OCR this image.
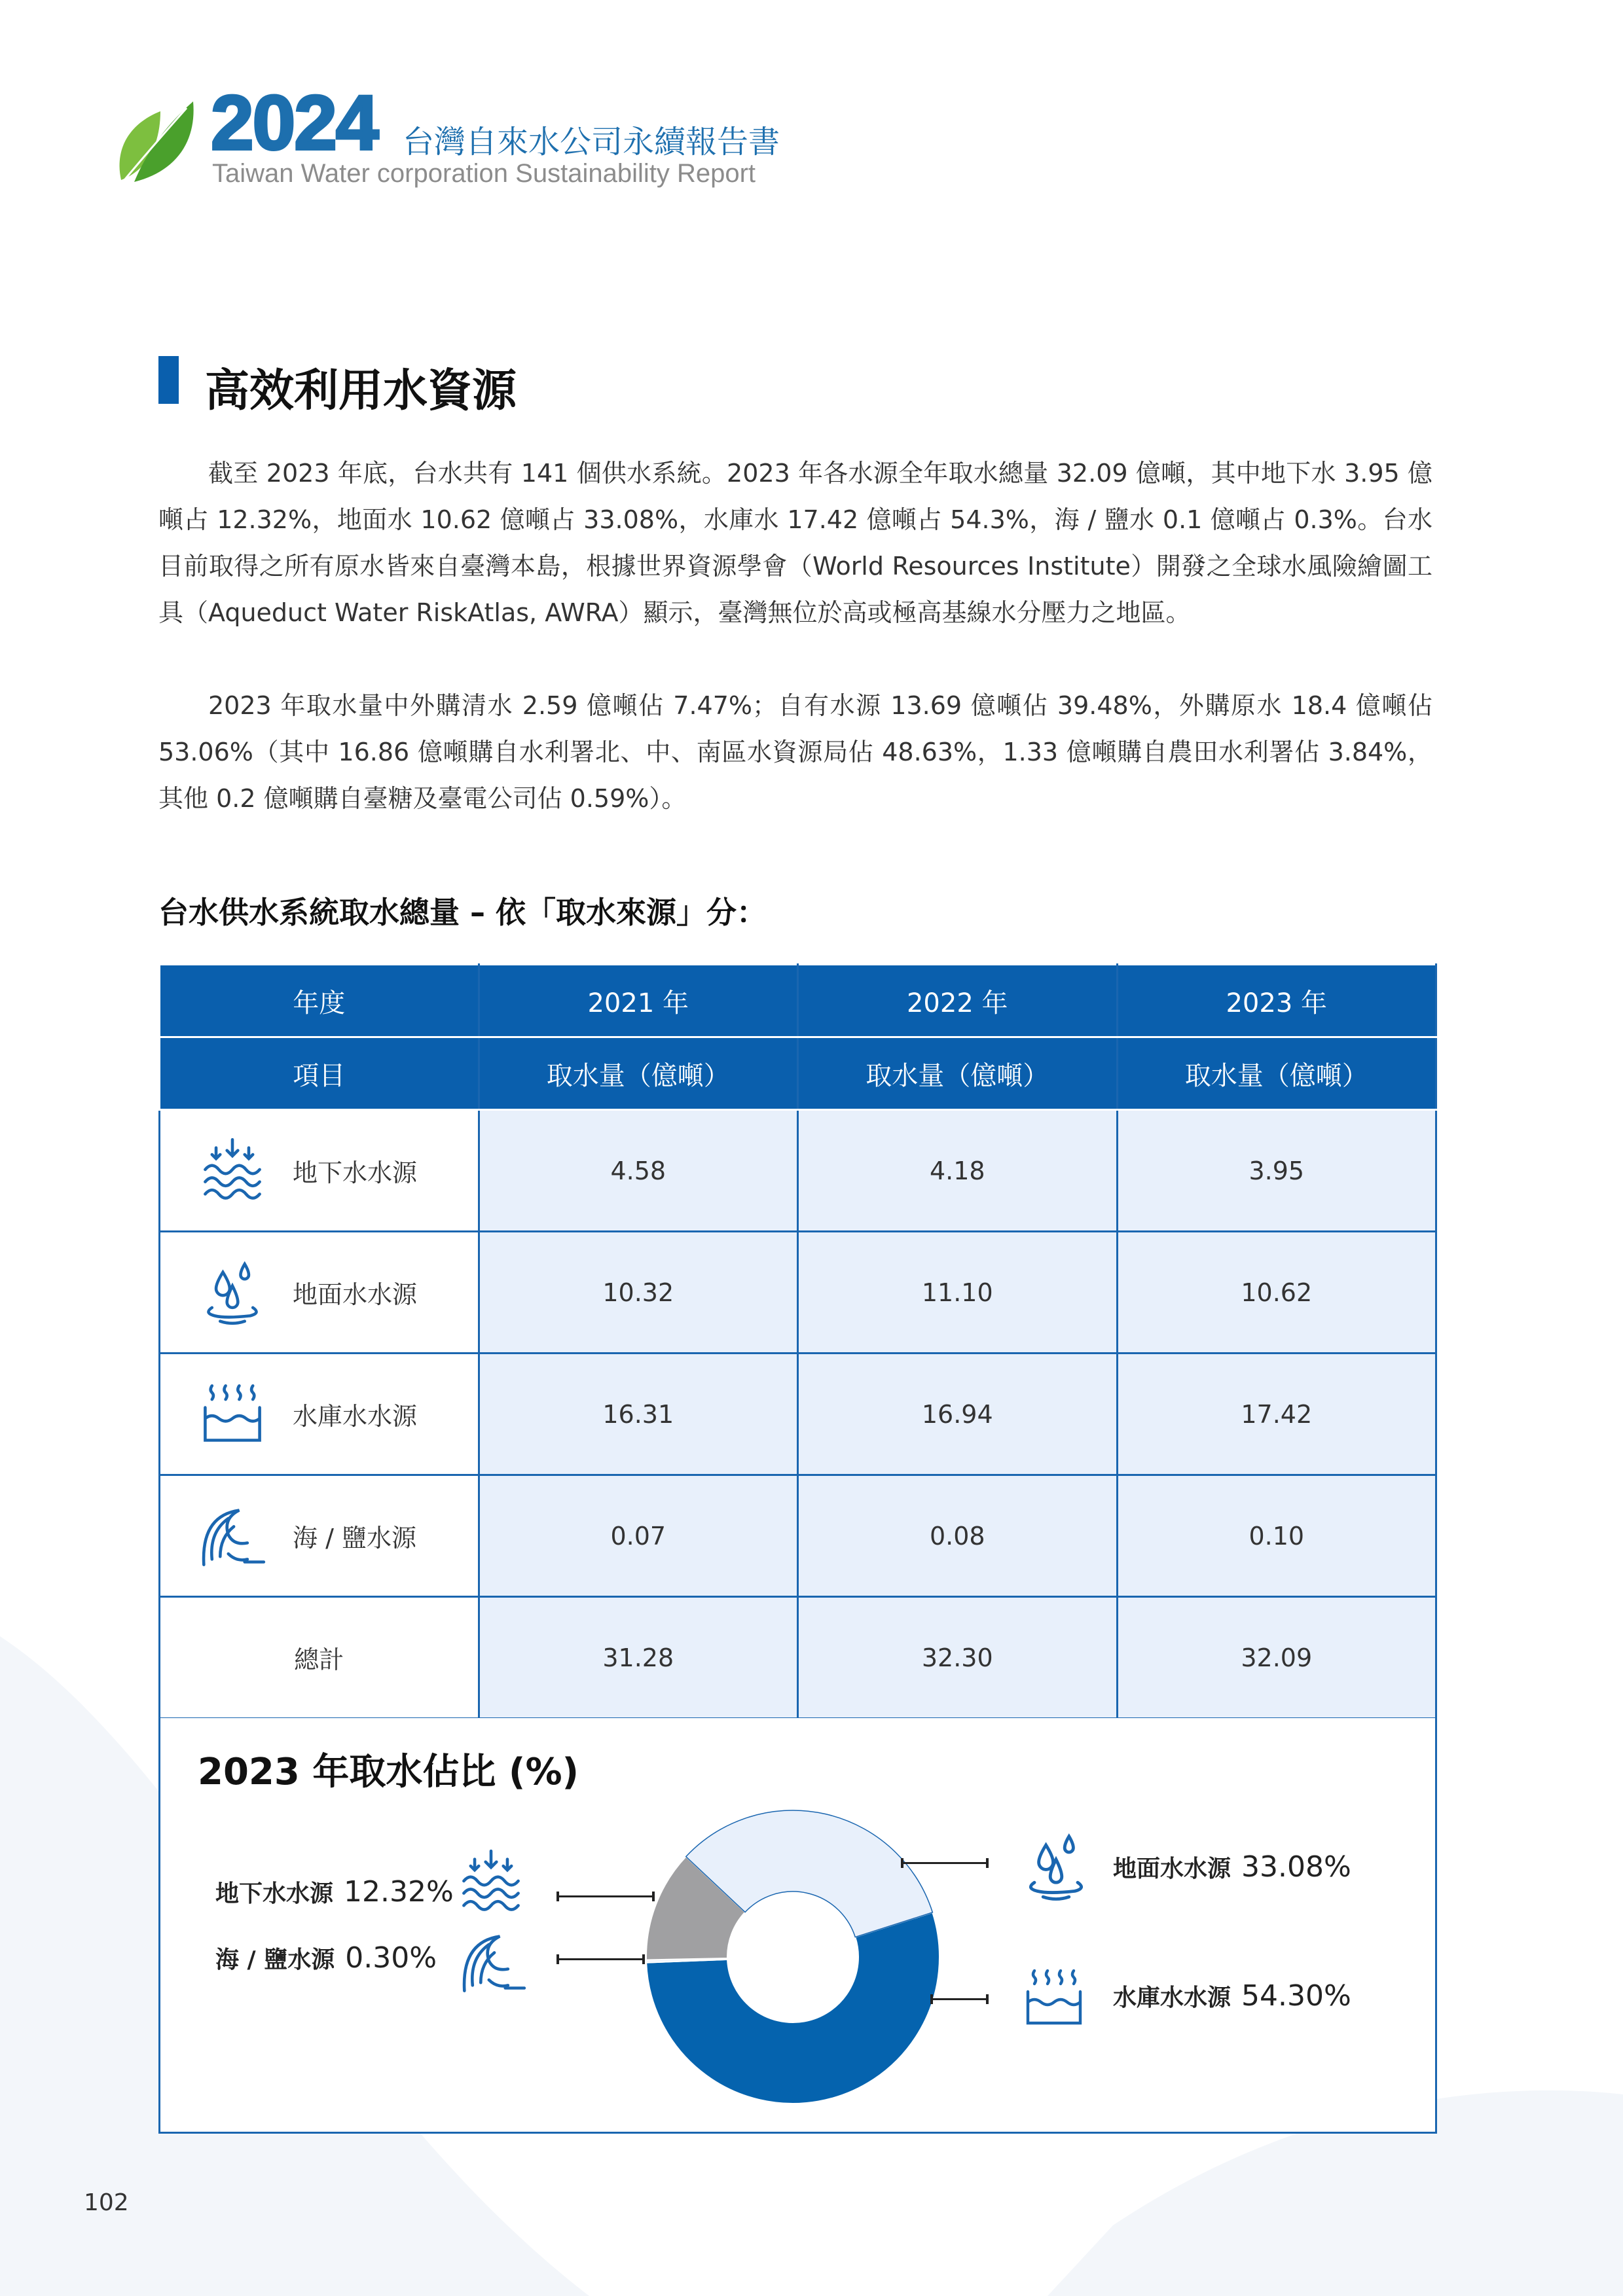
2024 台灣自來水公司永續報告書
Taiwan Water corporation Sustainability Report
高效利用水資源

截至 2023 年底，台水共有 141 個供水系統。2023 年各水源全年取水總量 32.09 億噸，其中地下水 3.95 億噸占 12.32%，地面水 10.62 億噸占 33.08%，水庫水 17.42 億噸占 54.3%，海 / 鹽水 0.1 億噸占 0.3%。台水目前取得之所有原水皆來自臺灣本島，根據世界資源學會（World Resources Institute）開發之全球水風險繪圖工具（Aqueduct Water RiskAtlas, AWRA）顯示，臺灣無位於高或極高基線水分壓力之地區。

2023 年取水量中外購清水 2.59 億噸佔 7.47%；自有水源 13.69 億噸佔 39.48%，外購原水 18.4 億噸佔 53.06%（其中 16.86 億噸購自水利署北、中、南區水資源局佔 48.63%，1.33 億噸購自農田水利署佔 3.84%，其他 0.2 億噸購自臺糖及臺電公司佔 0.59%）。

台水供水系統取水總量 – 依「取水來源」分：
年度	2021 年	2022 年	2023 年
項目	取水量（億噸）	取水量（億噸）	取水量（億噸）

地下水水源	4.58	4.18	3.95

地面水水源	10.32	11.10	10.62

水庫水水源	16.31	16.94	17.42

海 / 鹽水源	0.07	0.08	0.10
總計	31.28	32.30	32.09
2023 年取水佔比 (%)
地下水水源 12.32%
海 / 鹽水源 0.30%
地面水水源 33.08%
水庫水水源 54.30%
102
